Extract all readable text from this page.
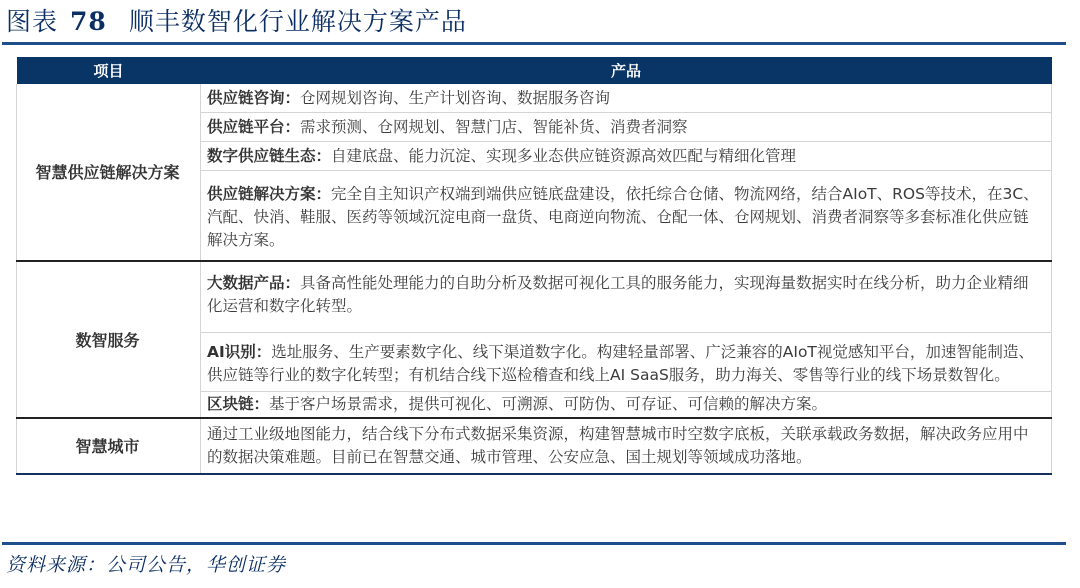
图表 78 顺丰数智化行业解决方案产品
项目	产品
智慧供应链解决方案	供应链咨询：仓网规划咨询、生产计划咨询、数据服务咨询
	供应链平台：需求预测、仓网规划、智慧门店、智能补货、消费者洞察
	数字供应链生态：自建底盘、能力沉淀、实现多业态供应链资源高效匹配与精细化管理
	供应链解决方案：完全自主知识产权端到端供应链底盘建设，依托综合仓储、物流网络，结合AIoT、ROS等技术，在3C、汽配、快消、鞋服、医药等领域沉淀电商一盘货、电商逆向物流、仓配一体、仓网规划、消费者洞察等多套标准化供应链解决方案。
数智服务	大数据产品：具备高性能处理能力的自助分析及数据可视化工具的服务能力，实现海量数据实时在线分析，助力企业精细化运营和数字化转型。
	AI识别：选址服务、生产要素数字化、线下渠道数字化。构建轻量部署、广泛兼容的AIoT视觉感知平台，加速智能制造、供应链等行业的数字化转型；有机结合线下巡检稽查和线上AI SaaS服务，助力海关、零售等行业的线下场景数智化。
	区块链：基于客户场景需求，提供可视化、可溯源、可防伪、可存证、可信赖的解决方案。
智慧城市	通过工业级地图能力，结合线下分布式数据采集资源，构建智慧城市时空数字底板，关联承载政务数据，解决政务应用中的数据决策难题。目前已在智慧交通、城市管理、公安应急、国土规划等领域成功落地。
资料来源：公司公告，华创证券
